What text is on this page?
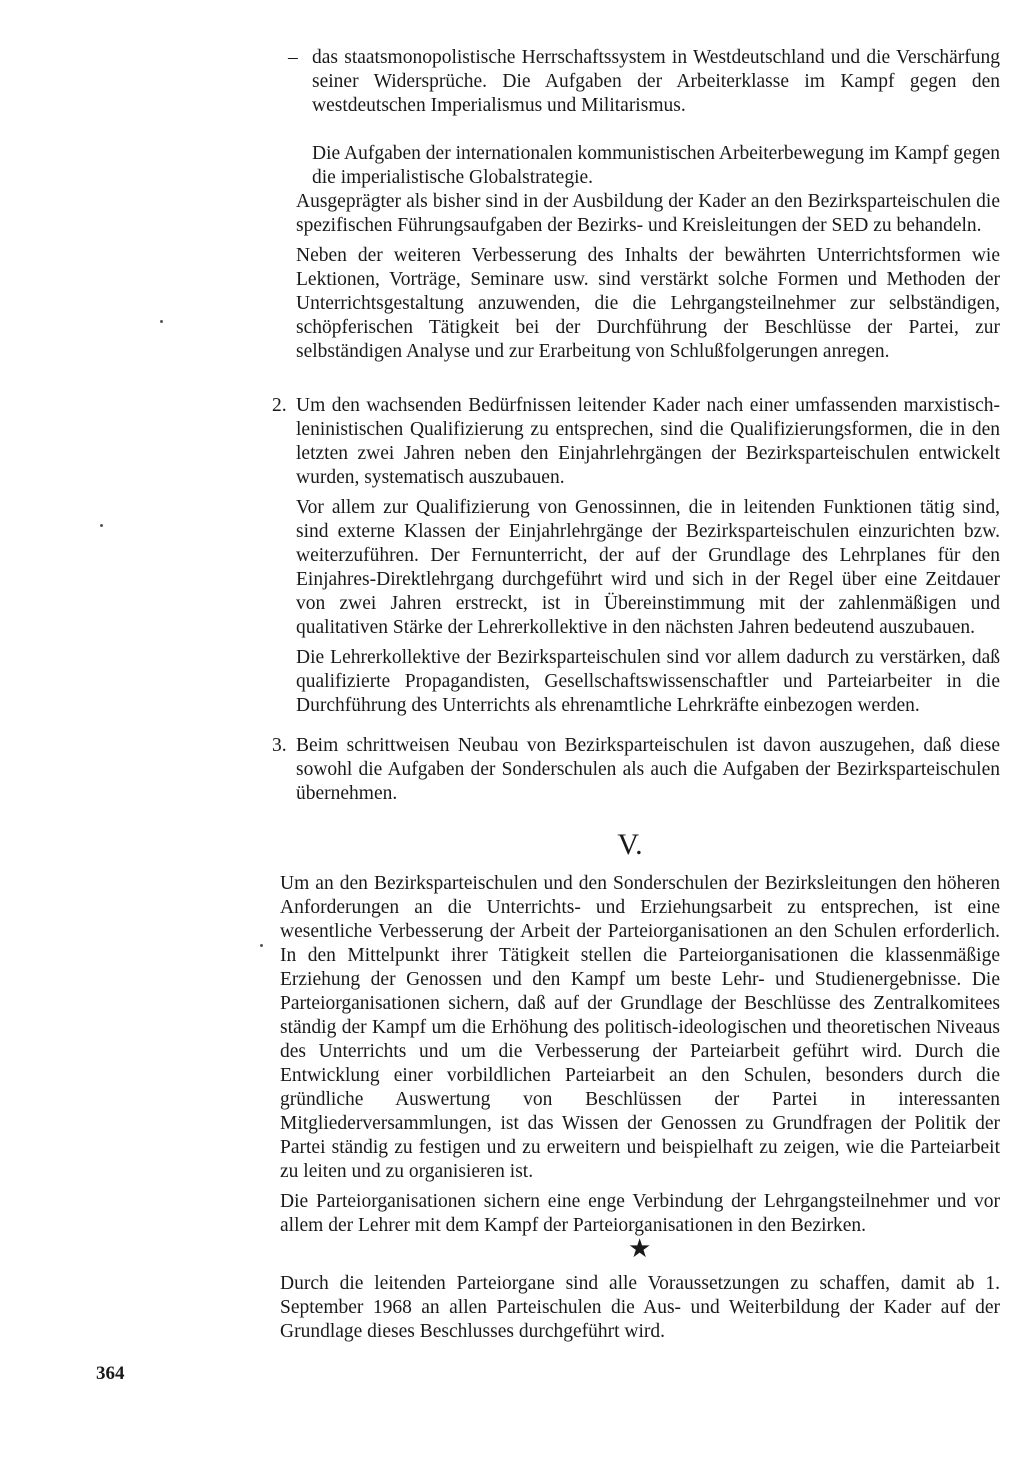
– das staatsmonopolistische Herrschaftssystem in Westdeutschland und die Verschärfung seiner Widersprüche. Die Aufgaben der Arbeiterklasse im Kampf gegen den westdeutschen Imperialismus und Militarismus.

Die Aufgaben der internationalen kommunistischen Arbeiterbewegung im Kampf gegen die imperialistische Globalstrategie.

Ausgeprägter als bisher sind in der Ausbildung der Kader an den Bezirksparteischulen die spezifischen Führungsaufgaben der Bezirks- und Kreisleitungen der SED zu behandeln.

Neben der weiteren Verbesserung des Inhalts der bewährten Unterrichtsformen wie Lektionen, Vorträge, Seminare usw. sind verstärkt solche Formen und Methoden der Unterrichtsgestaltung anzuwenden, die die Lehrgangsteilnehmer zur selbständigen, schöpferischen Tätigkeit bei der Durchführung der Beschlüsse der Partei, zur selbständigen Analyse und zur Erarbeitung von Schlußfolgerungen anregen.

2. Um den wachsenden Bedürfnissen leitender Kader nach einer umfassenden marxistisch-leninistischen Qualifizierung zu entsprechen, sind die Qualifizierungsformen, die in den letzten zwei Jahren neben den Einjahrlehrgängen der Bezirksparteischulen entwickelt wurden, systematisch auszubauen.

Vor allem zur Qualifizierung von Genossinnen, die in leitenden Funktionen tätig sind, sind externe Klassen der Einjahrlehrgänge der Bezirksparteischulen einzurichten bzw. weiterzuführen. Der Fernunterricht, der auf der Grundlage des Lehrplanes für den Einjahres-Direktlehrgang durchgeführt wird und sich in der Regel über eine Zeitdauer von zwei Jahren erstreckt, ist in Übereinstimmung mit der zahlenmäßigen und qualitativen Stärke der Lehrerkollektive in den nächsten Jahren bedeutend auszubauen.

Die Lehrerkollektive der Bezirksparteischulen sind vor allem dadurch zu verstärken, daß qualifizierte Propagandisten, Gesellschaftswissenschaftler und Parteiarbeiter in die Durchführung des Unterrichts als ehrenamtliche Lehrkräfte einbezogen werden.

3. Beim schrittweisen Neubau von Bezirksparteischulen ist davon auszugehen, daß diese sowohl die Aufgaben der Sonderschulen als auch die Aufgaben der Bezirksparteischulen übernehmen.
V.

Um an den Bezirksparteischulen und den Sonderschulen der Bezirksleitungen den höheren Anforderungen an die Unterrichts- und Erziehungsarbeit zu entsprechen, ist eine wesentliche Verbesserung der Arbeit der Parteiorganisationen an den Schulen erforderlich. In den Mittelpunkt ihrer Tätigkeit stellen die Parteiorganisationen die klassenmäßige Erziehung der Genossen und den Kampf um beste Lehr- und Studienergebnisse. Die Parteiorganisationen sichern, daß auf der Grundlage der Beschlüsse des Zentralkomitees ständig der Kampf um die Erhöhung des politisch-ideologischen und theoretischen Niveaus des Unterrichts und um die Verbesserung der Parteiarbeit geführt wird. Durch die Entwicklung einer vorbildlichen Parteiarbeit an den Schulen, besonders durch die gründliche Auswertung von Beschlüssen der Partei in interessanten Mitgliederversammlungen, ist das Wissen der Genossen zu Grundfragen der Politik der Partei ständig zu festigen und zu erweitern und beispielhaft zu zeigen, wie die Parteiarbeit zu leiten und zu organisieren ist.

Die Parteiorganisationen sichern eine enge Verbindung der Lehrgangsteilnehmer und vor allem der Lehrer mit dem Kampf der Parteiorganisationen in den Bezirken.

★

Durch die leitenden Parteiorgane sind alle Voraussetzungen zu schaffen, damit ab 1. September 1968 an allen Parteischulen die Aus- und Weiterbildung der Kader auf der Grundlage dieses Beschlusses durchgeführt wird.

364
